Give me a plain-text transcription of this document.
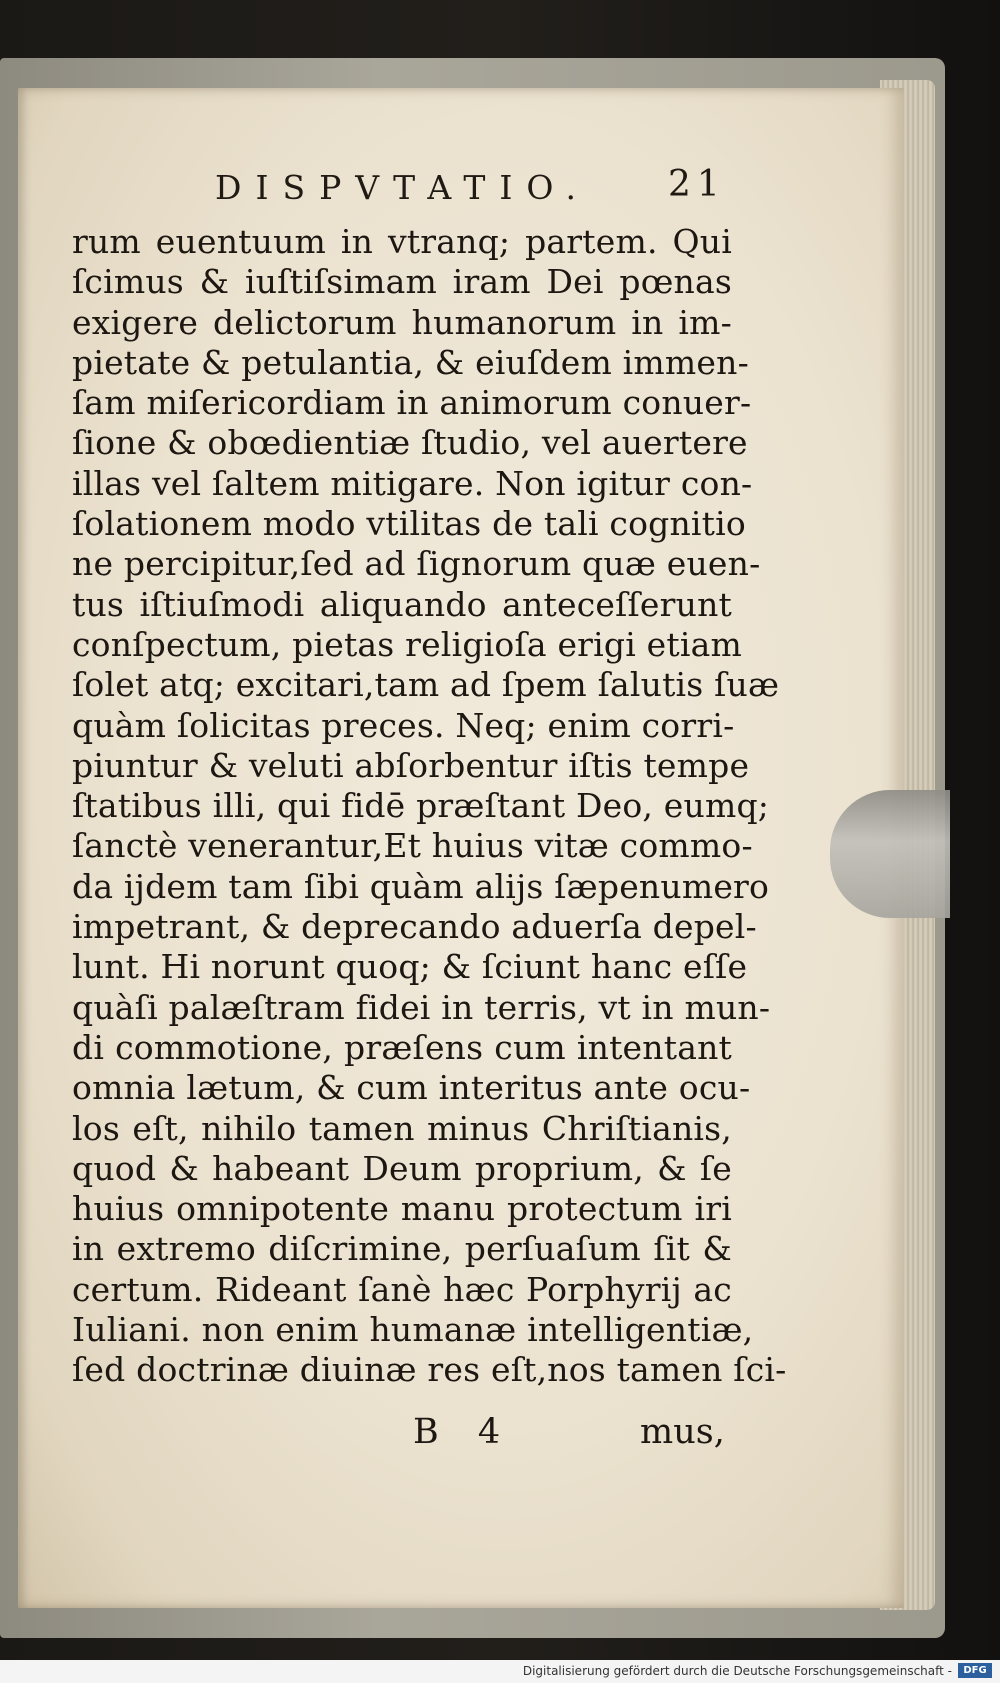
DISPVTATIO. 21
rum euentuum in vtranq; partem. Qui
ſcimus & iuſtiſsimam iram Dei pœnas
exigere delictorum humanorum in im-
pietate & petulantia, & eiuſdem immen-
ſam miſericordiam in animorum conuer-
ſione & obœdientiæ ſtudio, vel auertere
illas vel ſaltem mitigare. Non igitur con-
ſolationem modo vtilitas de tali cognitio
ne percipitur,ſed ad ſignorum quæ euen-
tus iſtiuſmodi aliquando anteceſſerunt
conſpectum, pietas religioſa erigi etiam
ſolet atq; excitari,tam ad ſpem ſalutis ſuæ
quàm ſolicitas preces. Neq; enim corri-
piuntur & veluti abſorbentur iſtis tempe
ſtatibus illi, qui fidē præſtant Deo, eumq;
ſanctè venerantur,Et huius vitæ commo-
da ijdem tam ſibi quàm alijs ſæpenumero
impetrant, & deprecando aduerſa depel-
lunt. Hi norunt quoq; & ſciunt hanc eſſe
quàſi palæſtram fidei in terris, vt in mun-
di commotione, præſens cum intentant
omnia lætum, & cum interitus ante ocu-
los eſt, nihilo tamen minus Chriſtianis,
quod & habeant Deum proprium, & ſe
huius omnipotente manu protectum iri
in extremo diſcrimine, perſuaſum ſit &
certum. Rideant ſanè hæc Porphyrij ac
Iuliani. non enim humanæ intelligentiæ,
ſed doctrinæ diuinæ res eſt,nos tamen ſci-
B 4	mus,
Digitalisierung gefördert durch die Deutsche Forschungsgemeinschaft -	DFG
